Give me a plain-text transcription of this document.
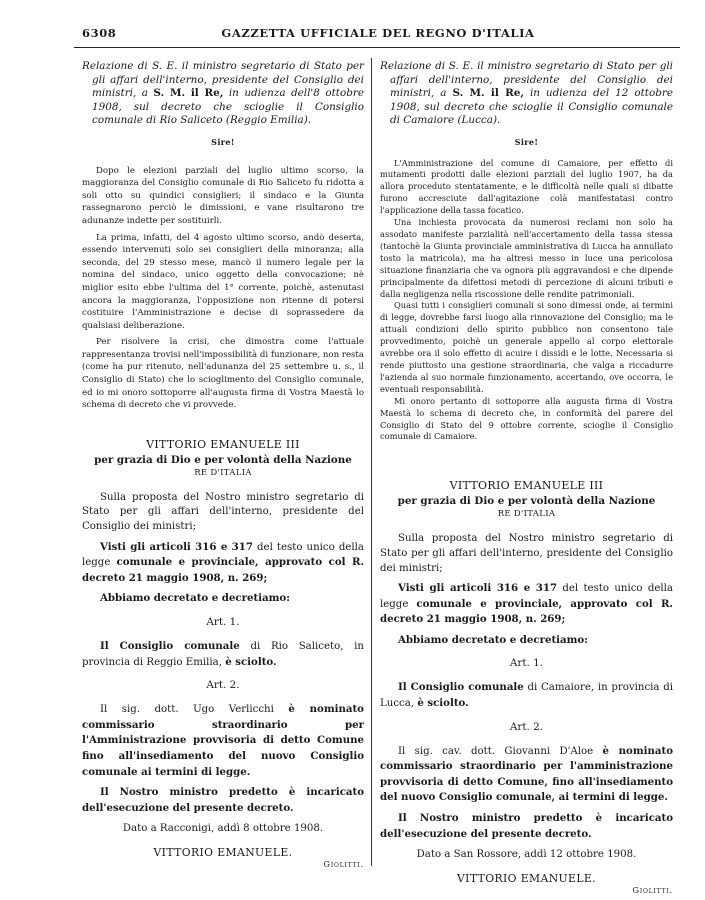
6308	GAZZETTA UFFICIALE DEL REGNO D'ITALIA

Relazione di S. E. il ministro segretario di Stato per gli affari dell'interno, presidente del Consiglio dei ministri, a S. M. il Re, in udienza dell'8 ottobre 1908, sul decreto che scioglie il Consiglio comunale di Rio Saliceto (Reggio Emilia).

Sire!

Dopo le elezioni parziali del luglio ultimo scorso, la maggioranza del Consiglio comunale di Rio Saliceto fu ridotta a soli otto su quindici consiglieri; il sindaco e la Giunta rassegnarono perciò le dimissioni, e vane risultarono tre adunanze indette per sostituirli.

La prima, infatti, del 4 agosto ultimo scorso, andò deserta, essendo intervenuti solo sei consiglieri della minoranza; alla seconda, del 29 stesso mese, mancò il numero legale per la nomina del sindaco, unico oggetto della convocazione; nè miglior esito ebbe l'ultima del 1° corrente, poichè, astenutasi ancora la maggioranza, l'opposizione non ritenne di potersi costituire l'Amministrazione e decise di soprassedere da qualsiasi deliberazione.

Per risolvere la crisi, che dimostra come l'attuale rappresentanza trovisi nell'impossibilità di funzionare, non resta (come ha pur ritenuto, nell'adunanza del 25 settembre u. s., il Consiglio di Stato) che lo scioglimento del Consiglio comunale, ed io mi onoro sottoporre all'augusta firma di Vostra Maestà lo schema di decreto che vi provvede.

VITTORIO EMANUELE III
per grazia di Dio e per volontà della Nazione
RE D'ITALIA

Sulla proposta del Nostro ministro segretario di Stato per gli affari dell'interno, presidente del Consiglio dei ministri;

Visti gli articoli 316 e 317 del testo unico della legge comunale e provinciale, approvato col R. decreto 21 maggio 1908, n. 269;

Abbiamo decretato e decretiamo:

Art. 1.

Il Consiglio comunale di Rio Saliceto, in provincia di Reggio Emilia, è sciolto.

Art. 2.

Il sig. dott. Ugo Verlicchi è nominato commissario straordinario per l'Amministrazione provvisoria di detto Comune fino all'insediamento del nuovo Consiglio comunale ai termini di legge.

Il Nostro ministro predetto è incaricato dell'esecuzione del presente decreto.

Dato a Racconigi, addì 8 ottobre 1908.
VITTORIO EMANUELE.
Giolitti.

Relazione di S. E. il ministro segretario di Stato per gli affari dell'interno, presidente del Consiglio dei ministri, a S. M. il Re, in udienza del 12 ottobre 1908, sul decreto che scioglie il Consiglio comunale di Camaiore (Lucca).

Sire!

L'Amministrazione del comune di Camaiore, per effetto di mutamenti prodotti dalle elezioni parziali del luglio 1907, ha da allora proceduto stentatamente, e le difficoltà nelle quali si dibatte furono accresciute dall'agitazione colà manifestatasi contro l'applicazione della tassa focatico.

Una inchiesta provocata da numerosi reclami non solo ha assodato manifeste parzialità nell'accertamento della tassa stessa (tantochè la Giunta provinciale amministrativa di Lucca ha annullato tosto la matricola), ma ha altresì messo in luce una pericolosa situazione finanziaria che va ognora più aggravandosi e che dipende principalmente da difettosi metodi di percezione di alcuni tributi e dalla negligenza nella riscossione delle rendite patrimoniali.

Quasi tutti i consiglieri comunali si sono dimessi onde, ai termini di legge, dovrebbe farsi luogo alla rinnovazione del Consiglio; ma le attuali condizioni dello spirito pubblico non consentono tale provvedimento, poichè un generale appello al corpo elettorale avrebbe ora il solo effetto di acuire i dissidi e le lotte. Necessaria si rende piuttosto una gestione straordinaria, che valga a riccadurre l'azienda al suo normale funzionamento, accertando, ove occorra, le eventuali responsabilità.

Mi onoro pertanto di sottoporre alla augusta firma di Vostra Maestà lo schema di decreto che, in conformità del parere del Consiglio di Stato del 9 ottobre corrente, scioglie il Consiglio comunale di Camaiore.

VITTORIO EMANUELE III
per grazia di Dio e per volontà della Nazione
RE D'ITALIA

Sulla proposta del Nostro ministro segretario di Stato per gli affari dell'interno, presidente del Consiglio dei ministri;

Visti gli articoli 316 e 317 del testo unico della legge comunale e provinciale, approvato col R. decreto 21 maggio 1908, n. 269;

Abbiamo decretato e decretiamo:

Art. 1.

Il Consiglio comunale di Camaiore, in provincia di Lucca, è sciolto.

Art. 2.

Il sig. cav. dott. Giovanni D'Aloe è nominato commissario straordinario per l'amministrazione provvisoria di detto Comune, fino all'insediamento del nuovo Consiglio comunale, ai termini di legge.

Il Nostro ministro predetto è incaricato dell'esecuzione del presente decreto.

Dato a San Rossore, addì 12 ottobre 1908.
VITTORIO EMANUELE.
Giolitti.
